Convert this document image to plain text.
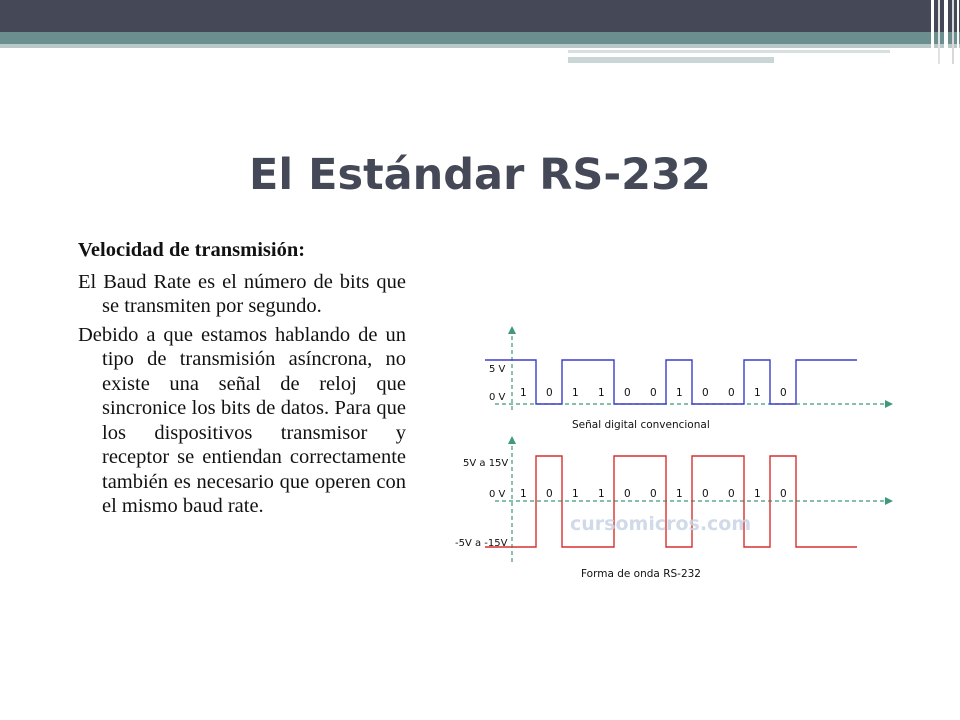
El Estándar RS-232

Velocidad de transmisión:

El Baud Rate es el número de bits que se transmiten por segundo.

Debido a que estamos hablando de un tipo de transmisión asíncrona, no existe una señal de reloj que sincronice los bits de datos. Para que los dispositivos transmisor y receptor se entiendan correctamente también es necesario que operen con el mismo baud rate.

5 V
0 V 1 0 1 1 0 0 1 0 0 1 0
Señal digital convencional
5V a 15V
0 V
-5V a -15V
1 0 1 1 0 0 1 0 0 1 0
cursomicros.com
Forma de onda RS-232
